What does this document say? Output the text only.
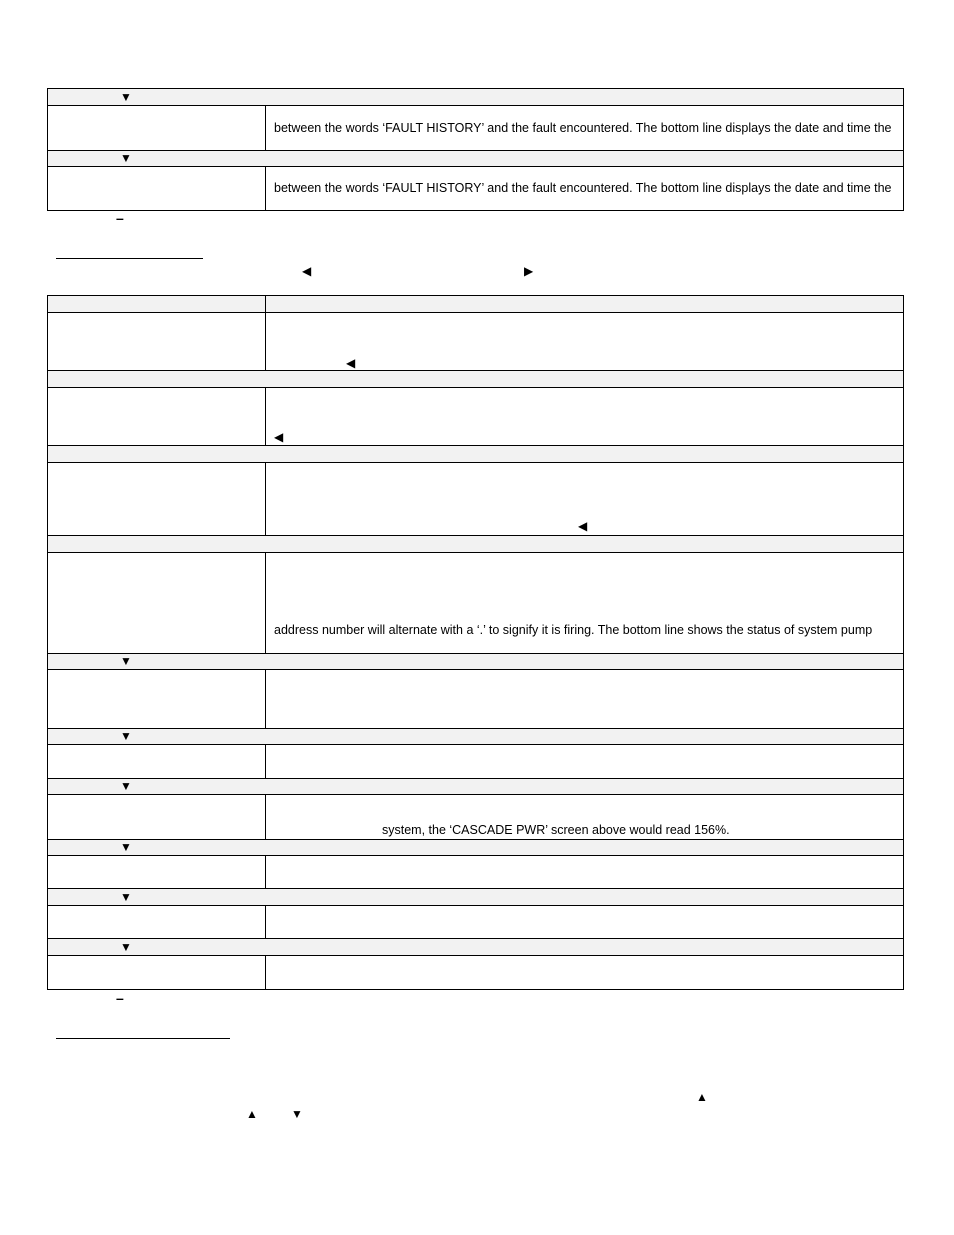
▼
between the words ‘FAULT HISTORY’ and the fault encountered. The bottom line displays the date and time the
▼
between the words ‘FAULT HISTORY’ and the fault encountered. The bottom line displays the date and time the
–
◀	▶
◀
◀
◀
address number will alternate with a ‘.’ to signify it is firing. The bottom line shows the status of system pump
▼
▼
▼
system, the ‘CASCADE PWR’ screen above would read 156%.
▼
▼
▼
–
▲
▲	▼
